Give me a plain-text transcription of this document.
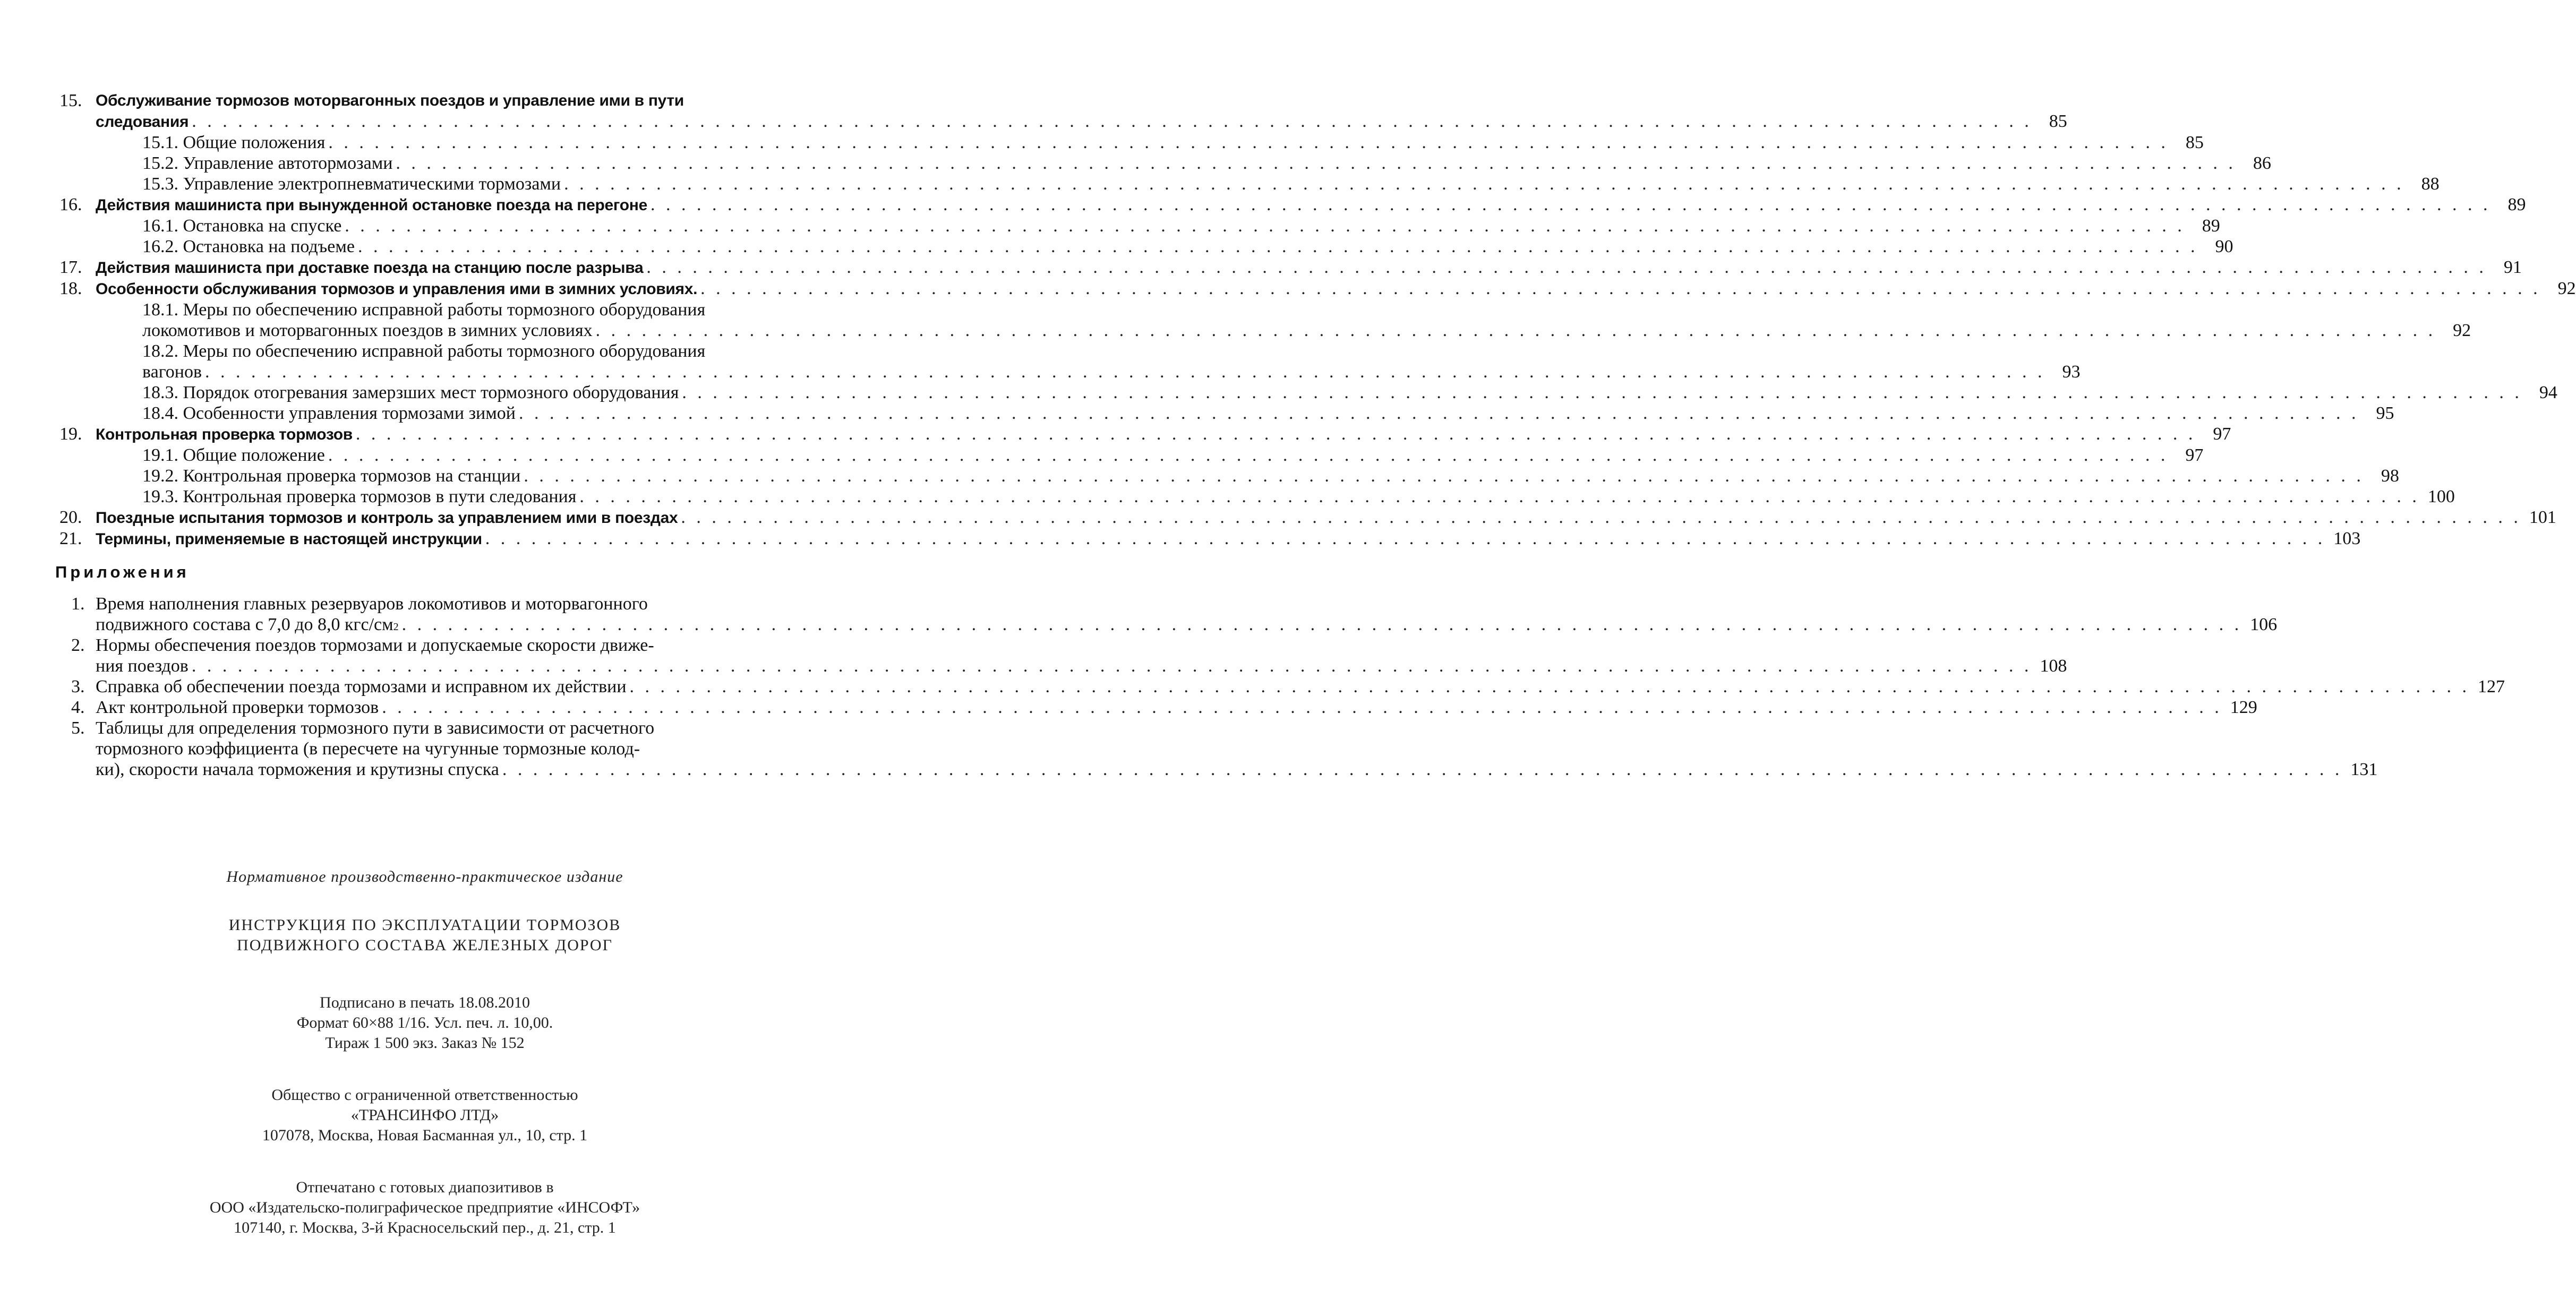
15. Обслуживание тормозов моторвагонных поездов и управление ими в пути
следования . . . . . . . . . . . . . . . . . . . . . . . . . . . . . . . . . . . . . . . . . . . . . . . . . . . . . . . . . . . . . . . . . . . . . . . . . . . . . . . . . . . . . . . . . . . . . . . . . . . . . . . . . . . . . . . . . . . . . . . . 85
15.1. Общие положения . . . . . . . . . . . . . . . . . . . . . . . . . . . . . . . . . . . . . . . . . . . . . . . . . . . . . . . . . . . . . . . . . . . . . . . . . . . . . . . . . . . . . . . . . . . . . . . . . . . . . . . . . . . . . . . . . . . . . . . . 85
15.2. Управление автотормозами . . . . . . . . . . . . . . . . . . . . . . . . . . . . . . . . . . . . . . . . . . . . . . . . . . . . . . . . . . . . . . . . . . . . . . . . . . . . . . . . . . . . . . . . . . . . . . . . . . . . . . . . . . . . . . . . . . . . . . . . 86
15.3. Управление электропневматическими тормозами . . . . . . . . . . . . . . . . . . . . . . . . . . . . . . . . . . . . . . . . . . . . . . . . . . . . . . . . . . . . . . . . . . . . . . . . . . . . . . . . . . . . . . . . . . . . . . . . . . . . . . . . . . . . . . . . . . . . . . . . 88
16. Действия машиниста при вынужденной остановке поезда на перегоне . . . . . . . . . . . . . . . . . . . . . . . . . . . . . . . . . . . . . . . . . . . . . . . . . . . . . . . . . . . . . . . . . . . . . . . . . . . . . . . . . . . . . . . . . . . . . . . . . . . . . . . . . . . . . . . . . . . . . . . . 89
16.1. Остановка на спуске . . . . . . . . . . . . . . . . . . . . . . . . . . . . . . . . . . . . . . . . . . . . . . . . . . . . . . . . . . . . . . . . . . . . . . . . . . . . . . . . . . . . . . . . . . . . . . . . . . . . . . . . . . . . . . . . . . . . . . . . 89
16.2. Остановка на подъеме . . . . . . . . . . . . . . . . . . . . . . . . . . . . . . . . . . . . . . . . . . . . . . . . . . . . . . . . . . . . . . . . . . . . . . . . . . . . . . . . . . . . . . . . . . . . . . . . . . . . . . . . . . . . . . . . . . . . . . . . 90
17. Действия машиниста при доставке поезда на станцию после разрыва . . . . . . . . . . . . . . . . . . . . . . . . . . . . . . . . . . . . . . . . . . . . . . . . . . . . . . . . . . . . . . . . . . . . . . . . . . . . . . . . . . . . . . . . . . . . . . . . . . . . . . . . . . . . . . . . . . . . . . . . 91
18. Особенности обслуживания тормозов и управления ими в зимних условиях. . . . . . . . . . . . . . . . . . . . . . . . . . . . . . . . . . . . . . . . . . . . . . . . . . . . . . . . . . . . . . . . . . . . . . . . . . . . . . . . . . . . . . . . . . . . . . . . . . . . . . . . . . . . . . . . . . . . . . . . . 92
18.1. Меры по обеспечению исправной работы тормозного оборудования
локомотивов и моторвагонных поездов в зимних условиях . . . . . . . . . . . . . . . . . . . . . . . . . . . . . . . . . . . . . . . . . . . . . . . . . . . . . . . . . . . . . . . . . . . . . . . . . . . . . . . . . . . . . . . . . . . . . . . . . . . . . . . . . . . . . . . . . . . . . . . . 92
18.2. Меры по обеспечению исправной работы тормозного оборудования
вагонов . . . . . . . . . . . . . . . . . . . . . . . . . . . . . . . . . . . . . . . . . . . . . . . . . . . . . . . . . . . . . . . . . . . . . . . . . . . . . . . . . . . . . . . . . . . . . . . . . . . . . . . . . . . . . . . . . . . . . . . . 93
18.3. Порядок отогревания замерзших мест тормозного оборудования . . . . . . . . . . . . . . . . . . . . . . . . . . . . . . . . . . . . . . . . . . . . . . . . . . . . . . . . . . . . . . . . . . . . . . . . . . . . . . . . . . . . . . . . . . . . . . . . . . . . . . . . . . . . . . . . . . . . . . . . 94
18.4. Особенности управления тормозами зимой . . . . . . . . . . . . . . . . . . . . . . . . . . . . . . . . . . . . . . . . . . . . . . . . . . . . . . . . . . . . . . . . . . . . . . . . . . . . . . . . . . . . . . . . . . . . . . . . . . . . . . . . . . . . . . . . . . . . . . . . 95
19. Контрольная проверка тормозов . . . . . . . . . . . . . . . . . . . . . . . . . . . . . . . . . . . . . . . . . . . . . . . . . . . . . . . . . . . . . . . . . . . . . . . . . . . . . . . . . . . . . . . . . . . . . . . . . . . . . . . . . . . . . . . . . . . . . . . . 97
19.1. Общие положение . . . . . . . . . . . . . . . . . . . . . . . . . . . . . . . . . . . . . . . . . . . . . . . . . . . . . . . . . . . . . . . . . . . . . . . . . . . . . . . . . . . . . . . . . . . . . . . . . . . . . . . . . . . . . . . . . . . . . . . . 97
19.2. Контрольная проверка тормозов на станции . . . . . . . . . . . . . . . . . . . . . . . . . . . . . . . . . . . . . . . . . . . . . . . . . . . . . . . . . . . . . . . . . . . . . . . . . . . . . . . . . . . . . . . . . . . . . . . . . . . . . . . . . . . . . . . . . . . . . . . . 98
19.3. Контрольная проверка тормозов в пути следования . . . . . . . . . . . . . . . . . . . . . . . . . . . . . . . . . . . . . . . . . . . . . . . . . . . . . . . . . . . . . . . . . . . . . . . . . . . . . . . . . . . . . . . . . . . . . . . . . . . . . . . . . . . . . . . . . . . . . . . . 100
20. Поездные испытания тормозов и контроль за управлением ими в поездах . . . . . . . . . . . . . . . . . . . . . . . . . . . . . . . . . . . . . . . . . . . . . . . . . . . . . . . . . . . . . . . . . . . . . . . . . . . . . . . . . . . . . . . . . . . . . . . . . . . . . . . . . . . . . . . . . . . . . . . . 101
21. Термины, применяемые в настоящей инструкции . . . . . . . . . . . . . . . . . . . . . . . . . . . . . . . . . . . . . . . . . . . . . . . . . . . . . . . . . . . . . . . . . . . . . . . . . . . . . . . . . . . . . . . . . . . . . . . . . . . . . . . . . . . . . . . . . . . . . . . . 103
Приложения
1. Время наполнения главных резервуаров локомотивов и моторвагонного
подвижного состава с 7,0 до 8,0 кгс/см 2 . . . . . . . . . . . . . . . . . . . . . . . . . . . . . . . . . . . . . . . . . . . . . . . . . . . . . . . . . . . . . . . . . . . . . . . . . . . . . . . . . . . . . . . . . . . . . . . . . . . . . . . . . . . . . . . . . . . . . . . . 106
2. Нормы обеспечения поездов тормозами и допускаемые скорости движе-
ния поездов . . . . . . . . . . . . . . . . . . . . . . . . . . . . . . . . . . . . . . . . . . . . . . . . . . . . . . . . . . . . . . . . . . . . . . . . . . . . . . . . . . . . . . . . . . . . . . . . . . . . . . . . . . . . . . . . . . . . . . . . 108
3. Справка об обеспечении поезда тормозами и исправном их действии . . . . . . . . . . . . . . . . . . . . . . . . . . . . . . . . . . . . . . . . . . . . . . . . . . . . . . . . . . . . . . . . . . . . . . . . . . . . . . . . . . . . . . . . . . . . . . . . . . . . . . . . . . . . . . . . . . . . . . . . 127
4. Акт контрольной проверки тормозов . . . . . . . . . . . . . . . . . . . . . . . . . . . . . . . . . . . . . . . . . . . . . . . . . . . . . . . . . . . . . . . . . . . . . . . . . . . . . . . . . . . . . . . . . . . . . . . . . . . . . . . . . . . . . . . . . . . . . . . . 129
5. Таблицы для определения тормозного пути в зависимости от расчетного
тормозного коэффициента (в пересчете на чугунные тормозные колод-
ки), скорости начала торможения и крутизны спуска . . . . . . . . . . . . . . . . . . . . . . . . . . . . . . . . . . . . . . . . . . . . . . . . . . . . . . . . . . . . . . . . . . . . . . . . . . . . . . . . . . . . . . . . . . . . . . . . . . . . . . . . . . . . . . . . . . . . . . . . 131
Нормативное производственно-практическое издание
ИНСТРУКЦИЯ ПО ЭКСПЛУАТАЦИИ ТОРМОЗОВ
ПОДВИЖНОГО СОСТАВА ЖЕЛЕЗНЫХ ДОРОГ
Подписано в печать 18.08.2010
Формат 60×88 1/16. Усл. печ. л. 10,00.
Тираж 1 500 экз. Заказ № 152
Общество с ограниченной ответственностью
«ТРАНСИНФО ЛТД»
107078, Москва, Новая Басманная ул., 10, стр. 1
Отпечатано с готовых диапозитивов в
ООО «Издательско-полиграфическое предприятие «ИНСОФТ»
107140, г. Москва, 3-й Красносельский пер., д. 21, стр. 1
